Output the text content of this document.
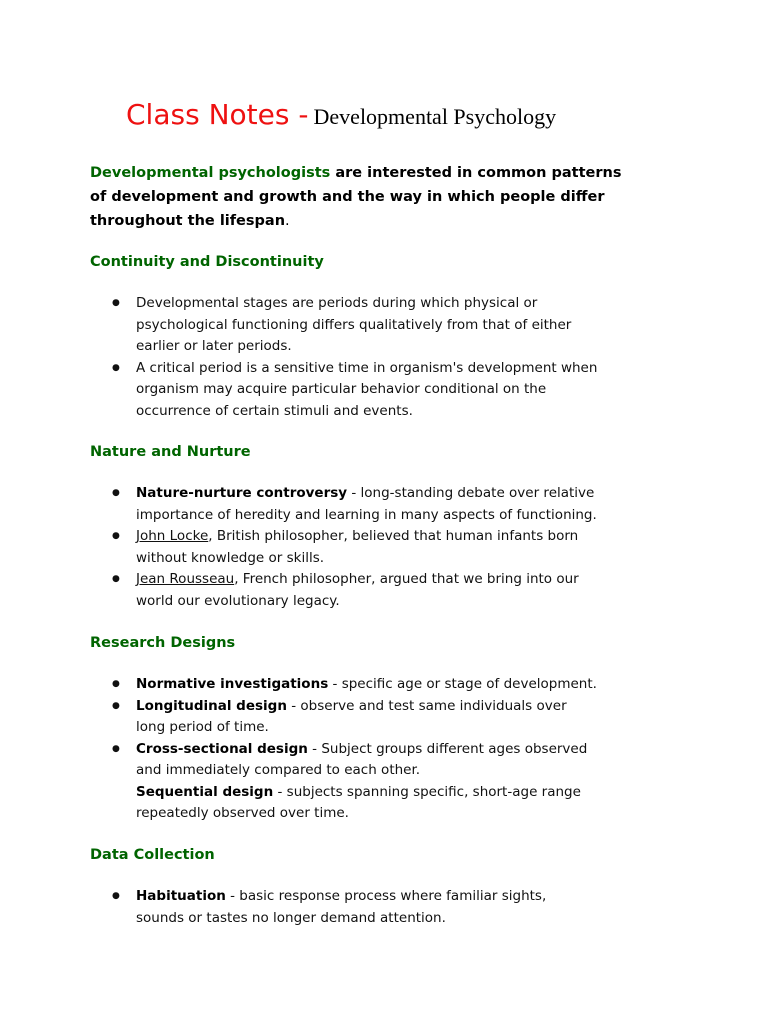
Class Notes - Developmental Psychology
Developmental psychologists are interested in common patterns of development and growth and the way in which people differ throughout the lifespan.
Continuity and Discontinuity
● Developmental stages are periods during which physical or psychological functioning differs qualitatively from that of either earlier or later periods.
● A critical period is a sensitive time in organism's development when organism may acquire particular behavior conditional on the occurrence of certain stimuli and events.
Nature and Nurture
● Nature-nurture controversy - long-standing debate over relative importance of heredity and learning in many aspects of functioning.
● John Locke, British philosopher, believed that human infants born without knowledge or skills.
● Jean Rousseau, French philosopher, argued that we bring into our world our evolutionary legacy.
Research Designs
● Normative investigations - specific age or stage of development.
● Longitudinal design - observe and test same individuals over long period of time.
● Cross-sectional design - Subject groups different ages observed and immediately compared to each other.
Sequential design - subjects spanning specific, short-age range repeatedly observed over time.
Data Collection
● Habituation - basic response process where familiar sights, sounds or tastes no longer demand attention.
